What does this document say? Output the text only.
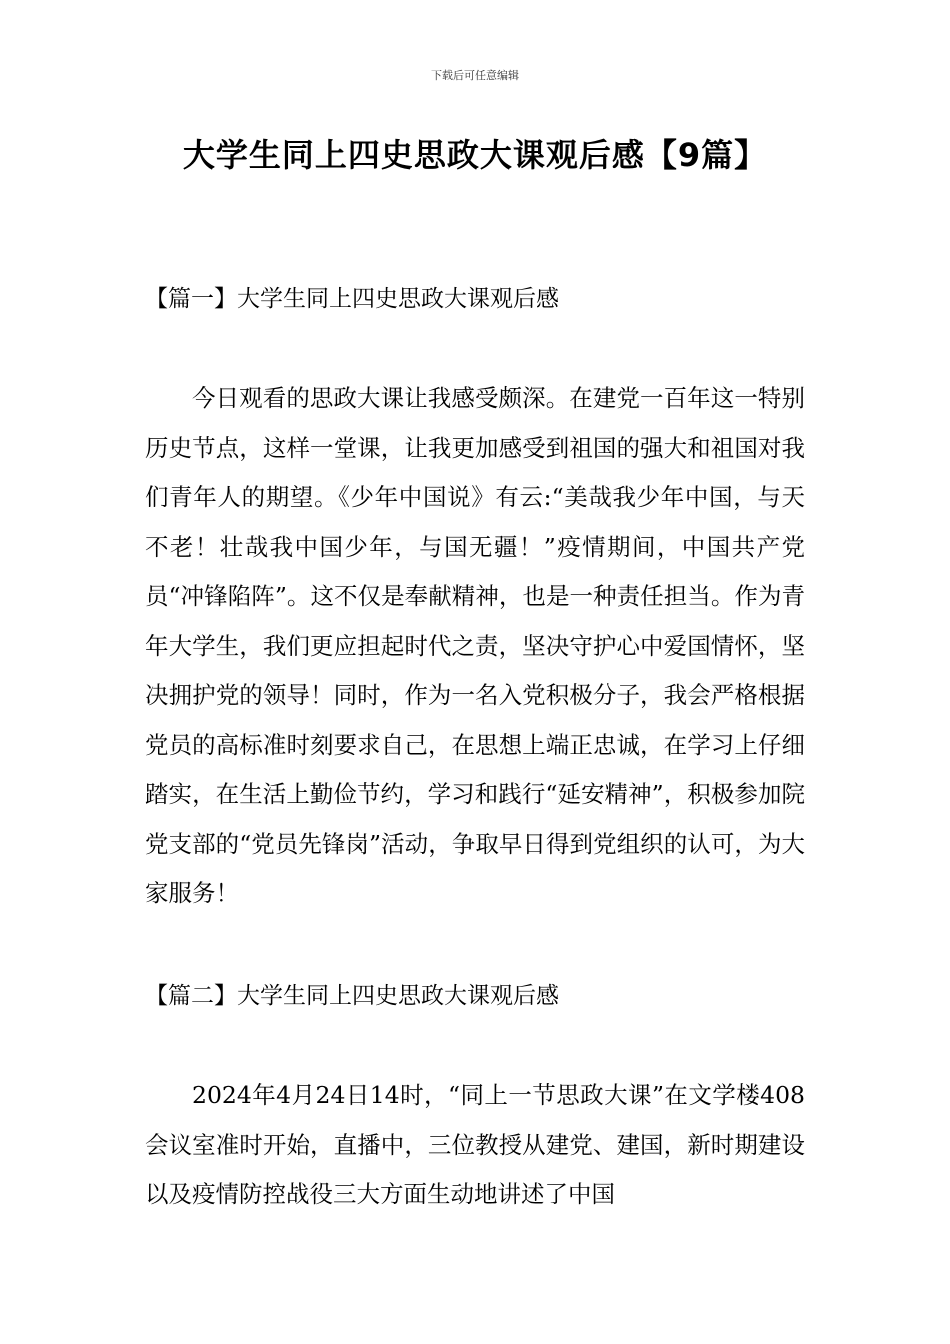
下载后可任意编辑
大学生同上四史思政大课观后感【9篇】
【篇一】大学生同上四史思政大课观后感

今日观看的思政大课让我感受颇深。在建党一百年这一特别历史节点，这样一堂课，让我更加感受到祖国的强大和祖国对我们青年人的期望。《少年中国说》有云:“美哉我少年中国，与天不老！壮哉我中国少年，与国无疆！”疫情期间，中国共产党员“冲锋陷阵”。这不仅是奉献精神，也是一种责任担当。作为青年大学生，我们更应担起时代之责，坚决守护心中爱国情怀，坚决拥护党的领导！同时，作为一名入党积极分子，我会严格根据党员的高标准时刻要求自己，在思想上端正忠诚，在学习上仔细踏实，在生活上勤俭节约，学习和践行“延安精神”，积极参加院党支部的“党员先锋岗”活动，争取早日得到党组织的认可，为大家服务！

【篇二】大学生同上四史思政大课观后感

2024年4月24日14时，“同上一节思政大课”在文学楼408会议室准时开始，直播中，三位教授从建党、建国，新时期建设以及疫情防控战役三大方面生动地讲述了中国
